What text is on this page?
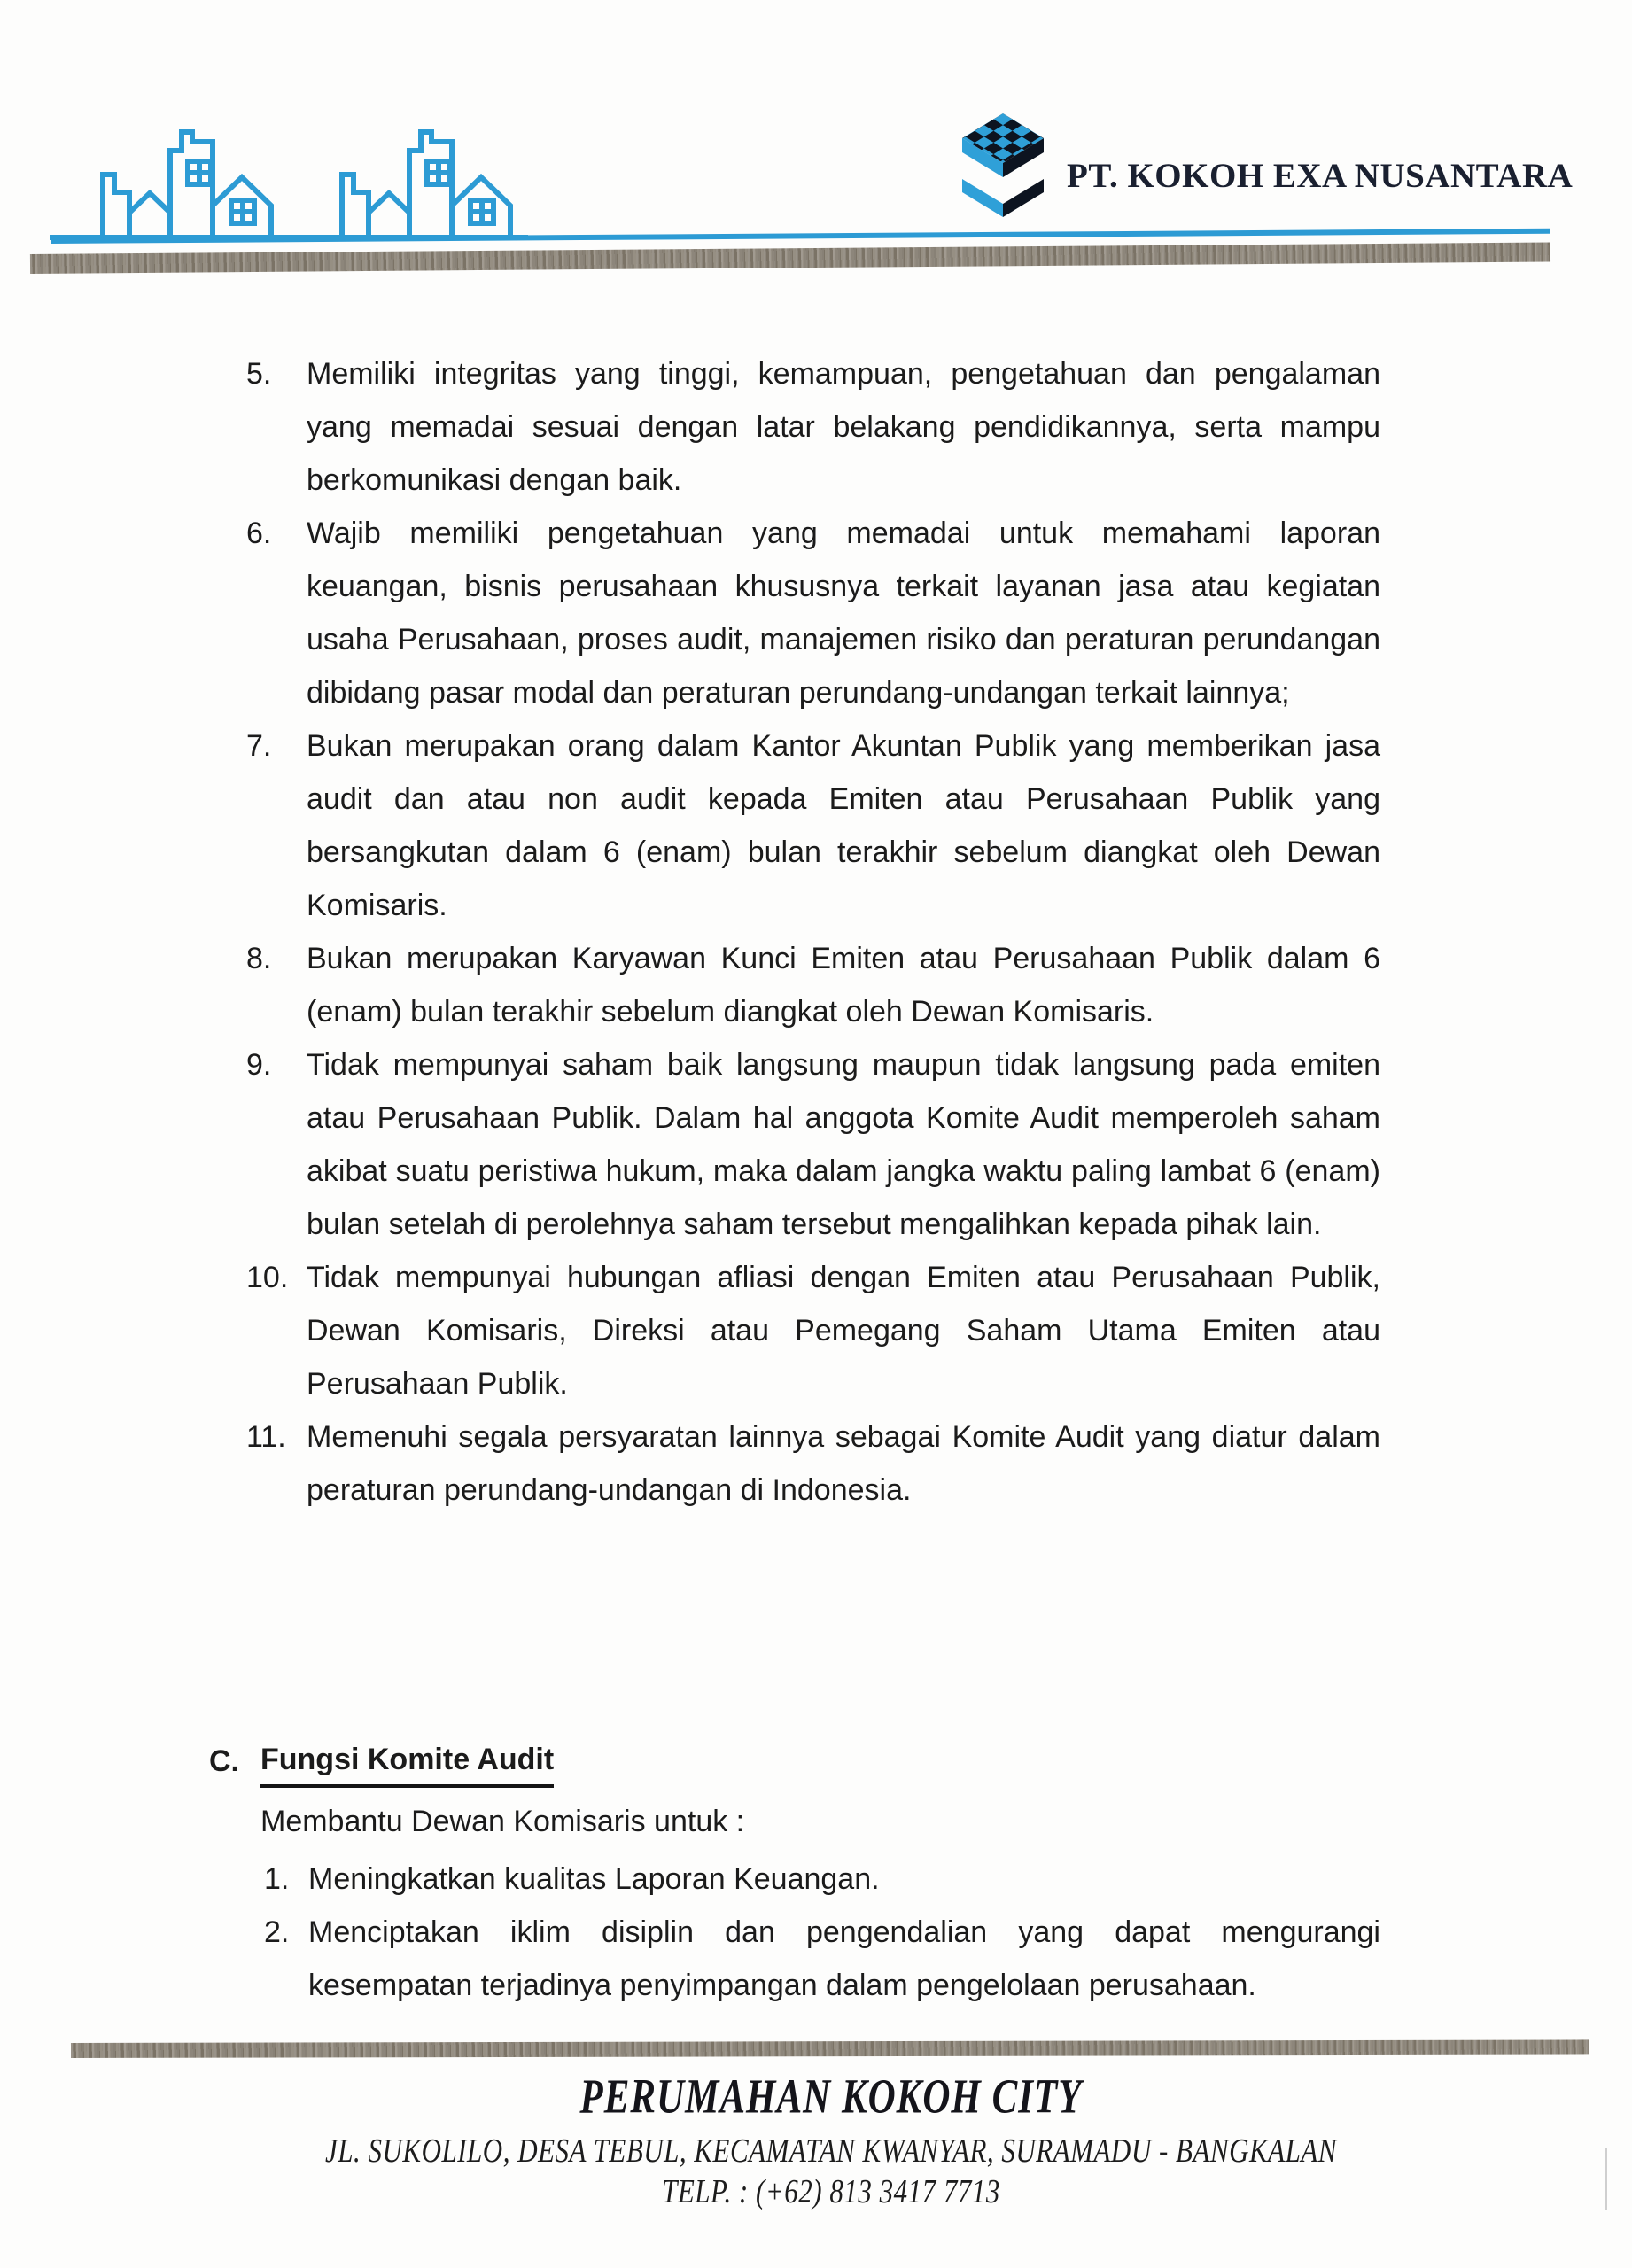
PT. KOKOH EXA NUSANTARA
5.	Memiliki integritas yang tinggi, kemampuan, pengetahuan dan pengalaman yang memadai sesuai dengan latar belakang pendidikannya, serta mampu berkomunikasi dengan baik.

6.	Wajib memiliki pengetahuan yang memadai untuk memahami laporan keuangan, bisnis perusahaan khususnya terkait layanan jasa atau kegiatan usaha Perusahaan, proses audit, manajemen risiko dan peraturan perundangan dibidang pasar modal dan peraturan perundang-undangan terkait lainnya;

7.	Bukan merupakan orang dalam Kantor Akuntan Publik yang memberikan jasa audit dan atau non audit kepada Emiten atau Perusahaan Publik yang bersangkutan dalam 6 (enam) bulan terakhir sebelum diangkat oleh Dewan Komisaris.

8.	Bukan merupakan Karyawan Kunci Emiten atau Perusahaan Publik dalam 6 (enam) bulan terakhir sebelum diangkat oleh Dewan Komisaris.

9.	Tidak mempunyai saham baik langsung maupun tidak langsung pada emiten atau Perusahaan Publik. Dalam hal anggota Komite Audit memperoleh saham akibat suatu peristiwa hukum, maka dalam jangka waktu paling lambat 6 (enam) bulan setelah di perolehnya saham tersebut mengalihkan kepada pihak lain.

10. Tidak mempunyai hubungan afliasi dengan Emiten atau Perusahaan Publik, Dewan Komisaris, Direksi atau Pemegang Saham Utama Emiten atau Perusahaan Publik.

11. Memenuhi segala persyaratan lainnya sebagai Komite Audit yang diatur dalam peraturan perundang-undangan di Indonesia.

C. Fungsi Komite Audit

Membantu Dewan Komisaris untuk :

1. Meningkatkan kualitas Laporan Keuangan.

2. Menciptakan iklim disiplin dan pengendalian yang dapat mengurangi kesempatan terjadinya penyimpangan dalam pengelolaan perusahaan.

PERUMAHAN KOKOH CITY
JL. SUKOLILO, DESA TEBUL, KECAMATAN KWANYAR, SURAMADU - BANGKALAN
TELP. : (+62) 813 3417 7713
